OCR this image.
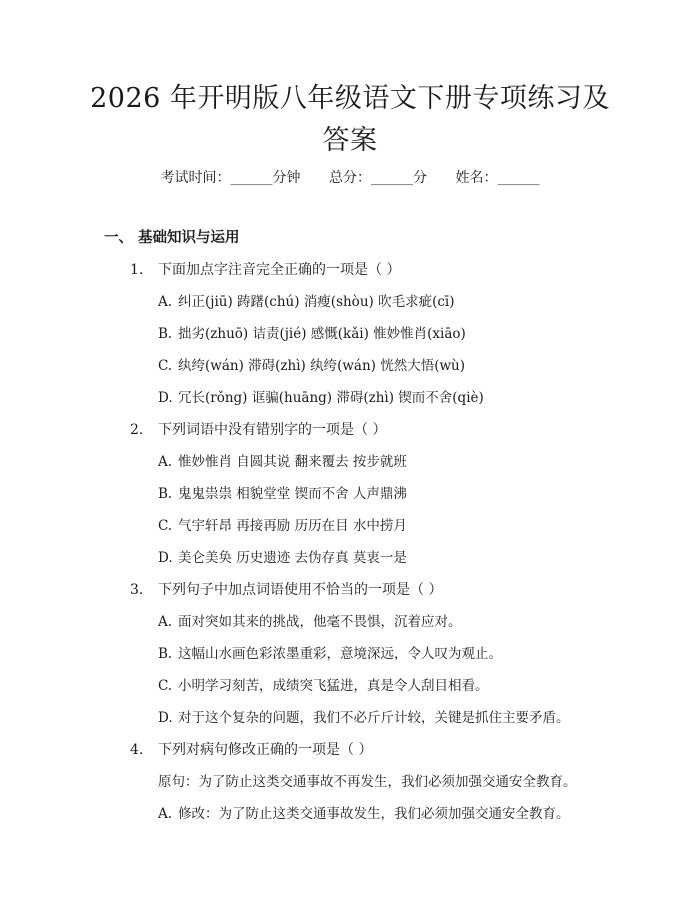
2026 年开明版八年级语文下册专项练习及答案
考试时间：______分钟 总分：______分 姓名：______
一、 基础知识与运用
1. 下面加点字注音完全正确的一项是（ ）
A. 纠正(jiū) 踌躇(chú) 消瘦(shòu) 吹毛求疵(cī)
B. 拙劣(zhuō) 诘责(jié) 感慨(kǎi) 惟妙惟肖(xiāo)
C. 纨绔(wán) 滞碍(zhì) 纨绔(wán) 恍然大悟(wù)
D. 冗长(rǒng) 诓骗(huāng) 滞碍(zhì) 锲而不舍(qiè)
2. 下列词语中没有错别字的一项是（ ）
A. 惟妙惟肖 自圆其说 翻来覆去 按步就班
B. 鬼鬼祟祟 相貌堂堂 锲而不舍 人声鼎沸
C. 气宇轩昂 再接再励 历历在目 水中捞月
D. 美仑美奂 历史遗迹 去伪存真 莫衷一是
3. 下列句子中加点词语使用不恰当的一项是（ ）
A. 面对突如其来的挑战，他毫不畏惧，沉着应对。
B. 这幅山水画色彩浓墨重彩，意境深远，令人叹为观止。
C. 小明学习刻苦，成绩突飞猛进，真是令人刮目相看。
D. 对于这个复杂的问题，我们不必斤斤计较，关键是抓住主要矛盾。
4. 下列对病句修改正确的一项是（ ）
原句：为了防止这类交通事故不再发生，我们必须加强交通安全教育。
A. 修改：为了防止这类交通事故发生，我们必须加强交通安全教育。
